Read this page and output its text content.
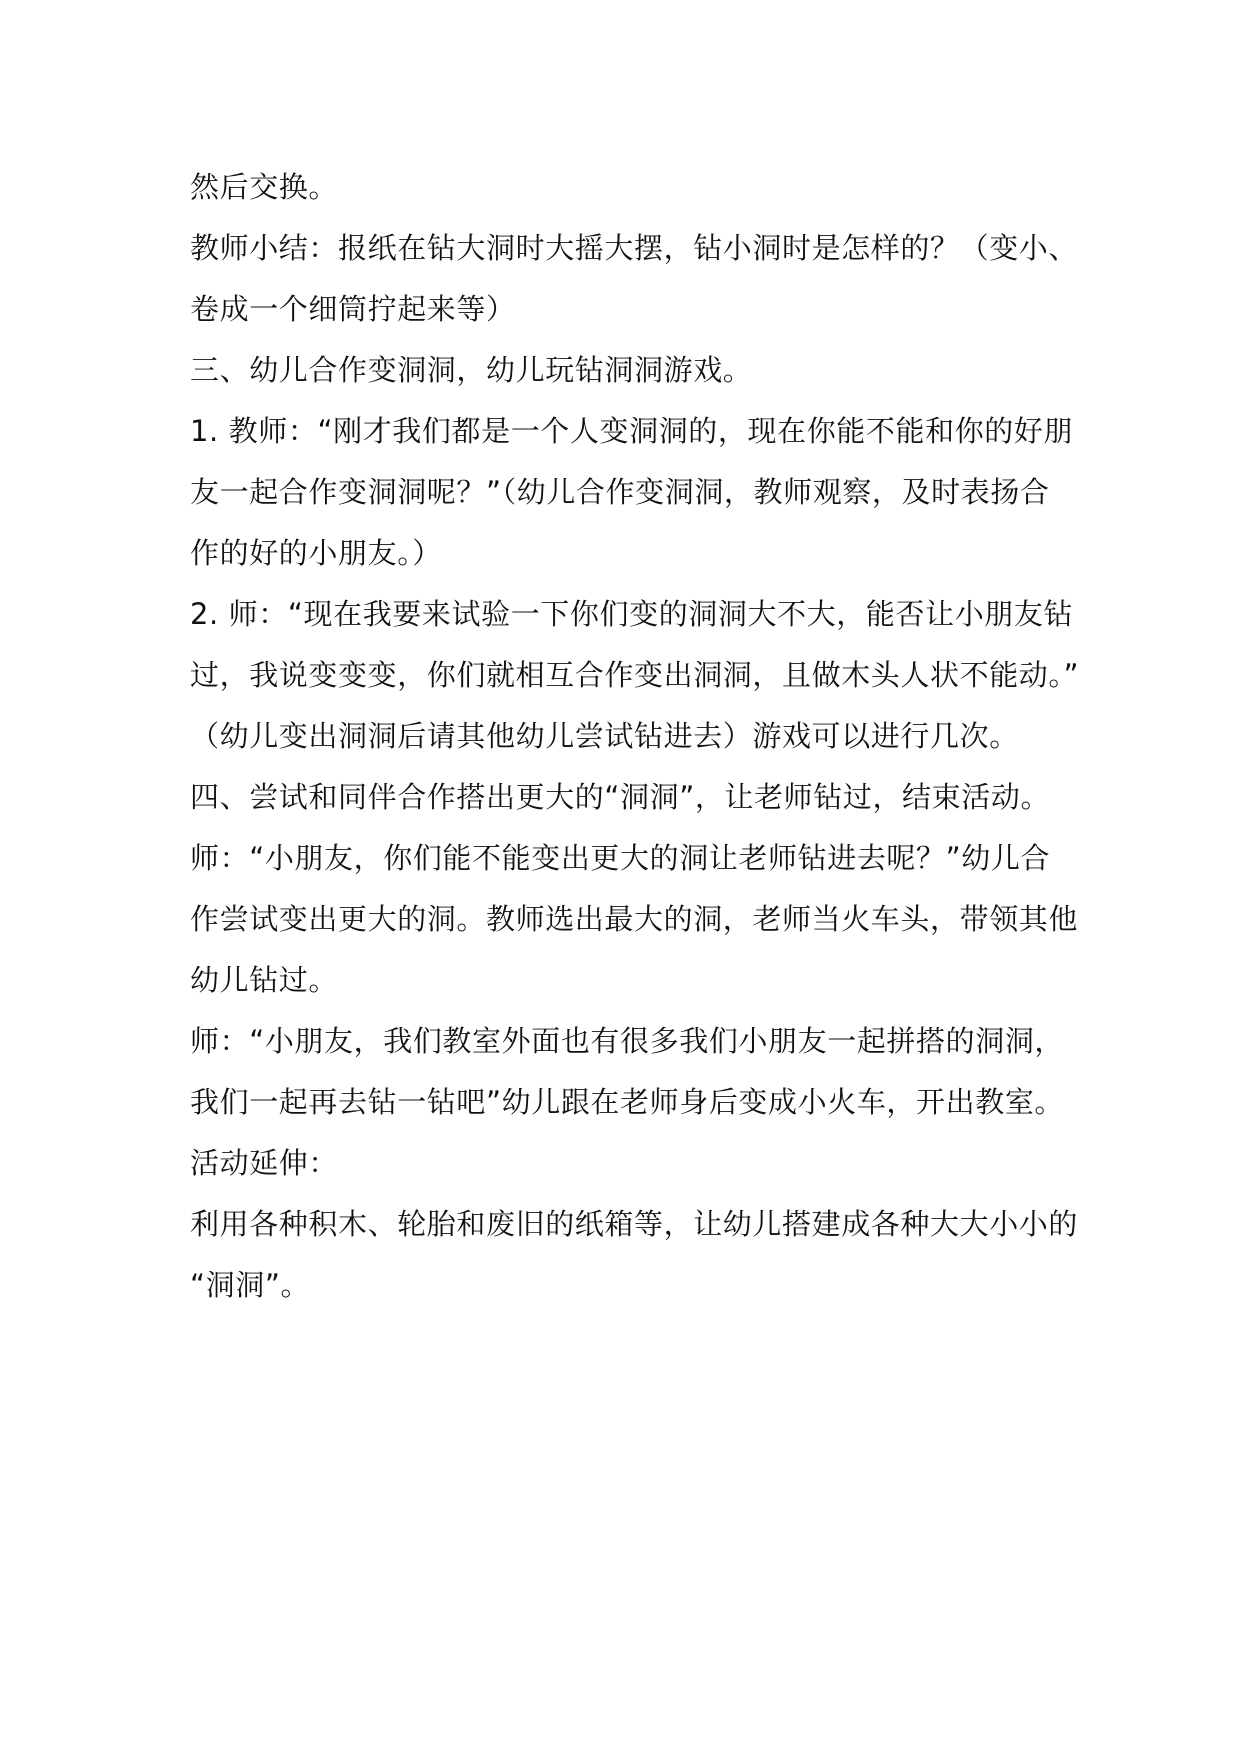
然后交换。
教师小结：报纸在钻大洞时大摇大摆，钻小洞时是怎样的？（变小、
卷成一个细筒拧起来等）
三、幼儿合作变洞洞，幼儿玩钻洞洞游戏。
1. 教师：“刚才我们都是一个人变洞洞的，现在你能不能和你的好朋
友一起合作变洞洞呢？”（幼儿合作变洞洞，教师观察，及时表扬合
作的好的小朋友。）
2. 师：“现在我要来试验一下你们变的洞洞大不大，能否让小朋友钻
过，我说变变变，你们就相互合作变出洞洞，且做木头人状不能动。”
（幼儿变出洞洞后请其他幼儿尝试钻进去）游戏可以进行几次。
四、尝试和同伴合作搭出更大的“洞洞”，让老师钻过，结束活动。
师：“小朋友，你们能不能变出更大的洞让老师钻进去呢？”幼儿合
作尝试变出更大的洞。教师选出最大的洞，老师当火车头，带领其他
幼儿钻过。
师：“小朋友，我们教室外面也有很多我们小朋友一起拼搭的洞洞，
我们一起再去钻一钻吧”幼儿跟在老师身后变成小火车，开出教室。
活动延伸：
利用各种积木、轮胎和废旧的纸箱等，让幼儿搭建成各种大大小小的
“洞洞”。
